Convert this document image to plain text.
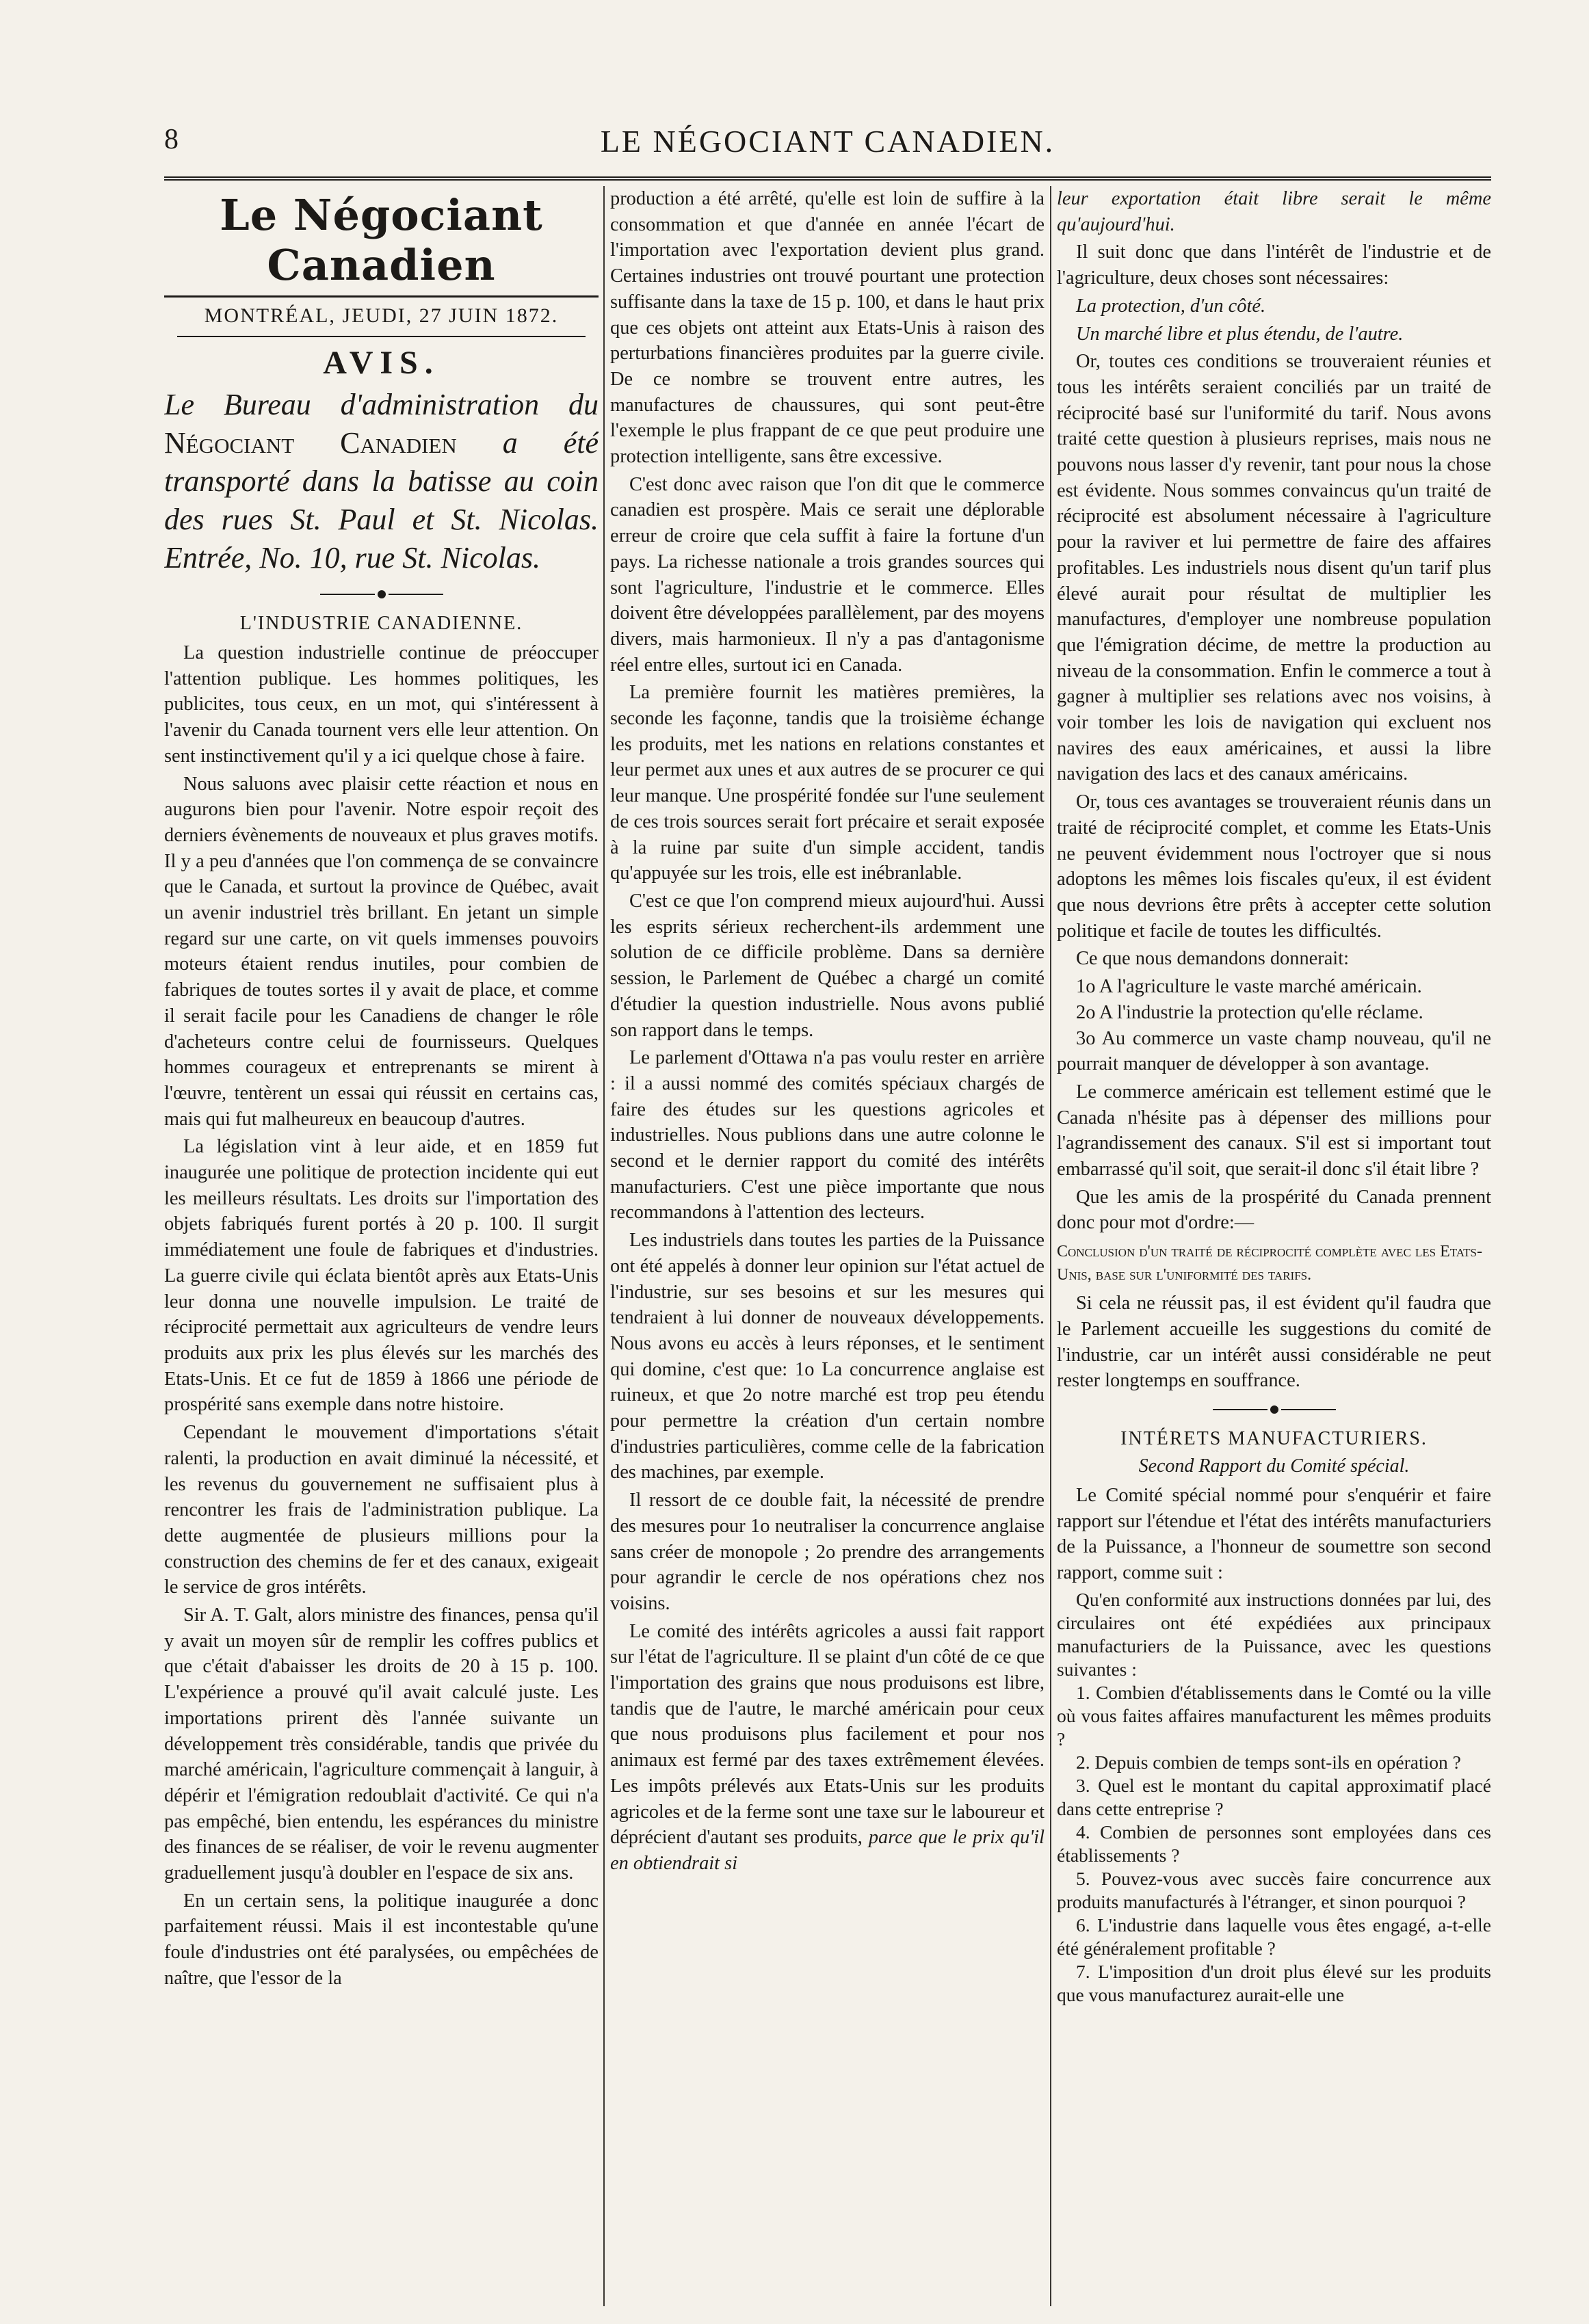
8	LE NÉGOCIANT CANADIEN.
Le Négociant Canadien
MONTRÉAL, JEUDI, 27 JUIN 1872.
AVIS.
Le Bureau d'administration du Négociant Canadien a été transporté dans la batisse au coin des rues St. Paul et St. Nicolas. Entrée, No. 10, rue St. Nicolas.
L'INDUSTRIE CANADIENNE.

La question industrielle continue de préoccuper l'attention publique. Les hommes politiques, les publicites, tous ceux, en un mot, qui s'intéressent à l'avenir du Canada tournent vers elle leur attention. On sent instinctivement qu'il y a ici quelque chose à faire.

Nous saluons avec plaisir cette réaction et nous en augurons bien pour l'avenir. Notre espoir reçoit des derniers évènements de nouveaux et plus graves motifs. Il y a peu d'années que l'on commença de se convaincre que le Canada, et surtout la province de Québec, avait un avenir industriel très brillant. En jetant un simple regard sur une carte, on vit quels immenses pouvoirs moteurs étaient rendus inutiles, pour combien de fabriques de toutes sortes il y avait de place, et comme il serait facile pour les Canadiens de changer le rôle d'acheteurs contre celui de fournisseurs. Quelques hommes courageux et entreprenants se mirent à l'œuvre, tentèrent un essai qui réussit en certains cas, mais qui fut malheureux en beaucoup d'autres.

La législation vint à leur aide, et en 1859 fut inaugurée une politique de protection incidente qui eut les meilleurs résultats. Les droits sur l'importation des objets fabriqués furent portés à 20 p. 100. Il surgit immédiatement une foule de fabriques et d'industries. La guerre civile qui éclata bientôt après aux Etats-Unis leur donna une nouvelle impulsion. Le traité de réciprocité permettait aux agriculteurs de vendre leurs produits aux prix les plus élevés sur les marchés des Etats-Unis. Et ce fut de 1859 à 1866 une période de prospérité sans exemple dans notre histoire.

Cependant le mouvement d'importations s'était ralenti, la production en avait diminué la nécessité, et les revenus du gouvernement ne suffisaient plus à rencontrer les frais de l'administration publique. La dette augmentée de plusieurs millions pour la construction des chemins de fer et des canaux, exigeait le service de gros intérêts.

Sir A. T. Galt, alors ministre des finances, pensa qu'il y avait un moyen sûr de remplir les coffres publics et que c'était d'abaisser les droits de 20 à 15 p. 100. L'expérience a prouvé qu'il avait calculé juste. Les importations prirent dès l'année suivante un développement très considérable, tandis que privée du marché américain, l'agriculture commençait à languir, à dépérir et l'émigration redoublait d'activité. Ce qui n'a pas empêché, bien entendu, les espérances du ministre des finances de se réaliser, de voir le revenu augmenter graduellement jusqu'à doubler en l'espace de six ans.

En un certain sens, la politique inaugurée a donc parfaitement réussi. Mais il est incontestable qu'une foule d'industries ont été paralysées, ou empêchées de naître, que l'essor de la

production a été arrêté, qu'elle est loin de suffire à la consommation et que d'année en année l'écart de l'importation avec l'exportation devient plus grand. Certaines industries ont trouvé pourtant une protection suffisante dans la taxe de 15 p. 100, et dans le haut prix que ces objets ont atteint aux Etats-Unis à raison des perturbations financières produites par la guerre civile. De ce nombre se trouvent entre autres, les manufactures de chaussures, qui sont peut-être l'exemple le plus frappant de ce que peut produire une protection intelligente, sans être excessive.

C'est donc avec raison que l'on dit que le commerce canadien est prospère. Mais ce serait une déplorable erreur de croire que cela suffit à faire la fortune d'un pays. La richesse nationale a trois grandes sources qui sont l'agriculture, l'industrie et le commerce. Elles doivent être développées parallèlement, par des moyens divers, mais harmonieux. Il n'y a pas d'antagonisme réel entre elles, surtout ici en Canada.

La première fournit les matières premières, la seconde les façonne, tandis que la troisième échange les produits, met les nations en relations constantes et leur permet aux unes et aux autres de se procurer ce qui leur manque. Une prospérité fondée sur l'une seulement de ces trois sources serait fort précaire et serait exposée à la ruine par suite d'un simple accident, tandis qu'appuyée sur les trois, elle est inébranlable.

C'est ce que l'on comprend mieux aujourd'hui. Aussi les esprits sérieux recherchent-ils ardemment une solution de ce difficile problème. Dans sa dernière session, le Parlement de Québec a chargé un comité d'étudier la question industrielle. Nous avons publié son rapport dans le temps.

Le parlement d'Ottawa n'a pas voulu rester en arrière : il a aussi nommé des comités spéciaux chargés de faire des études sur les questions agricoles et industrielles. Nous publions dans une autre colonne le second et le dernier rapport du comité des intérêts manufacturiers. C'est une pièce importante que nous recommandons à l'attention des lecteurs.

Les industriels dans toutes les parties de la Puissance ont été appelés à donner leur opinion sur l'état actuel de l'industrie, sur ses besoins et sur les mesures qui tendraient à lui donner de nouveaux développements. Nous avons eu accès à leurs réponses, et le sentiment qui domine, c'est que: 1o La concurrence anglaise est ruineux, et que 2o notre marché est trop peu étendu pour permettre la création d'un certain nombre d'industries particulières, comme celle de la fabrication des machines, par exemple.

Il ressort de ce double fait, la nécessité de prendre des mesures pour 1o neutraliser la concurrence anglaise sans créer de monopole ; 2o prendre des arrangements pour agrandir le cercle de nos opérations chez nos voisins.

Le comité des intérêts agricoles a aussi fait rapport sur l'état de l'agriculture. Il se plaint d'un côté de ce que l'importation des grains que nous produisons est libre, tandis que de l'autre, le marché américain pour ceux que nous produisons plus facilement et pour nos animaux est fermé par des taxes extrêmement élevées. Les impôts prélevés aux Etats-Unis sur les produits agricoles et de la ferme sont une taxe sur le laboureur et déprécient d'autant ses produits, parce que le prix qu'il en obtiendrait si

leur exportation était libre serait le même qu'aujourd'hui.

Il suit donc que dans l'intérêt de l'industrie et de l'agriculture, deux choses sont nécessaires:

La protection, d'un côté.

Un marché libre et plus étendu, de l'autre.

Or, toutes ces conditions se trouveraient réunies et tous les intérêts seraient conciliés par un traité de réciprocité basé sur l'uniformité du tarif. Nous avons traité cette question à plusieurs reprises, mais nous ne pouvons nous lasser d'y revenir, tant pour nous la chose est évidente. Nous sommes convaincus qu'un traité de réciprocité est absolument nécessaire à l'agriculture pour la raviver et lui permettre de faire des affaires profitables. Les industriels nous disent qu'un tarif plus élevé aurait pour résultat de multiplier les manufactures, d'employer une nombreuse population que l'émigration décime, de mettre la production au niveau de la consommation. Enfin le commerce a tout à gagner à multiplier ses relations avec nos voisins, à voir tomber les lois de navigation qui excluent nos navires des eaux américaines, et aussi la libre navigation des lacs et des canaux américains.

Or, tous ces avantages se trouveraient réunis dans un traité de réciprocité complet, et comme les Etats-Unis ne peuvent évidemment nous l'octroyer que si nous adoptons les mêmes lois fiscales qu'eux, il est évident que nous devrions être prêts à accepter cette solution politique et facile de toutes les difficultés.

Ce que nous demandons donnerait:

1o A l'agriculture le vaste marché américain.

2o A l'industrie la protection qu'elle réclame.

3o Au commerce un vaste champ nouveau, qu'il ne pourrait manquer de développer à son avantage.

Le commerce américain est tellement estimé que le Canada n'hésite pas à dépenser des millions pour l'agrandissement des canaux. S'il est si important tout embarrassé qu'il soit, que serait-il donc s'il était libre ?

Que les amis de la prospérité du Canada prennent donc pour mot d'ordre:—

Conclusion d'un traité de réciprocité complète avec les Etats-Unis, base sur l'uniformité des tarifs.

Si cela ne réussit pas, il est évident qu'il faudra que le Parlement accueille les suggestions du comité de l'industrie, car un intérêt aussi considérable ne peut rester longtemps en souffrance.

INTÉRETS MANUFACTURIERS.
Second Rapport du Comité spécial.

Le Comité spécial nommé pour s'enquérir et faire rapport sur l'étendue et l'état des intérêts manufacturiers de la Puissance, a l'honneur de soumettre son second rapport, comme suit :

Qu'en conformité aux instructions données par lui, des circulaires ont été expédiées aux principaux manufacturiers de la Puissance, avec les questions suivantes :

1. Combien d'établissements dans le Comté ou la ville où vous faites affaires manufacturent les mêmes produits ?

2. Depuis combien de temps sont-ils en opération ?

3. Quel est le montant du capital approximatif placé dans cette entreprise ?

4. Combien de personnes sont employées dans ces établissements ?

5. Pouvez-vous avec succès faire concurrence aux produits manufacturés à l'étranger, et sinon pourquoi ?

6. L'industrie dans laquelle vous êtes engagé, a-t-elle été généralement profitable ?

7. L'imposition d'un droit plus élevé sur les produits que vous manufacturez aurait-elle une
